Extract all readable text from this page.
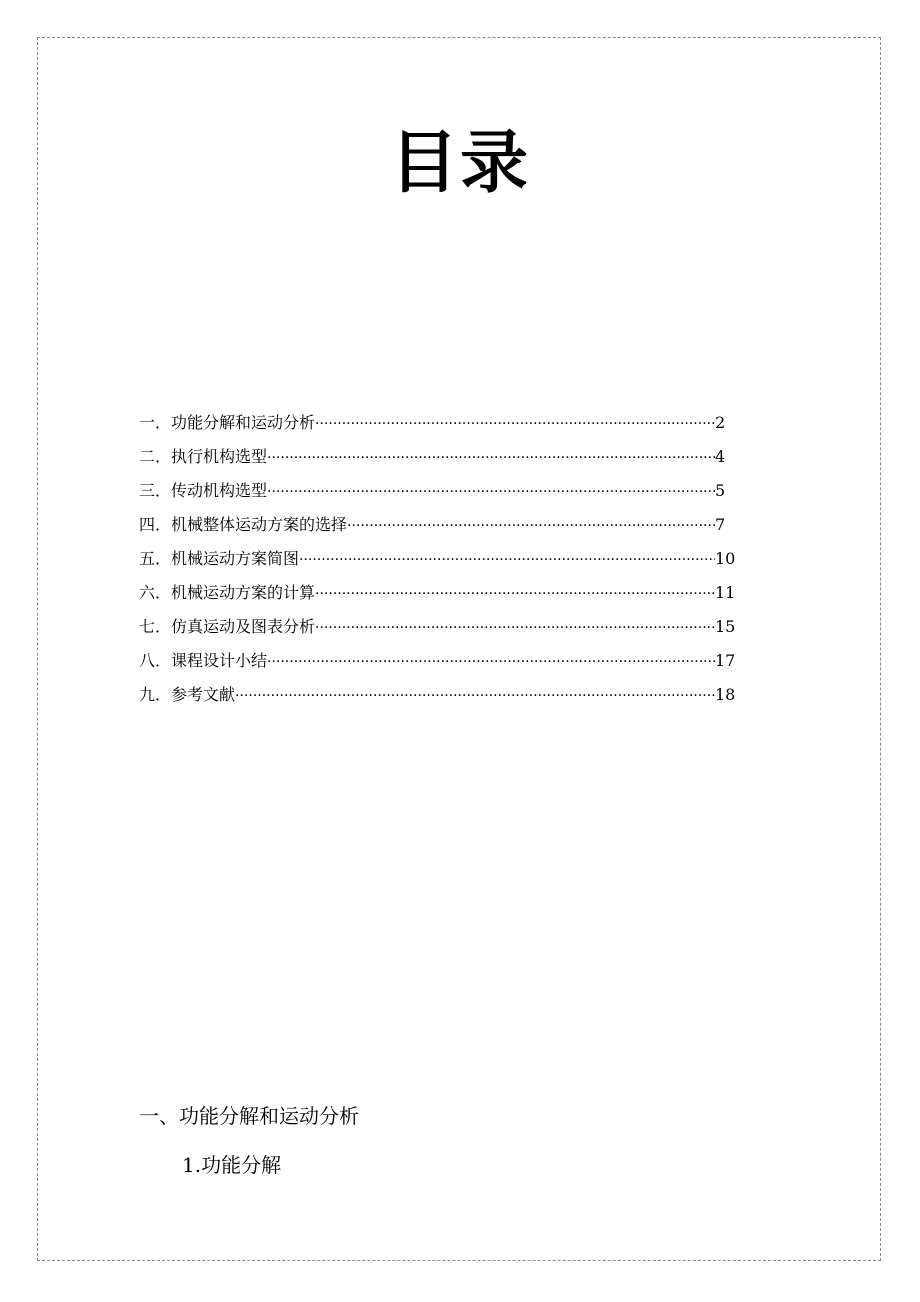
目录
一． 功能分解和运动分析 ·····	2
二． 执行机构选型 ·····	4
三． 传动机构选型 ·····	5
四． 机械整体运动方案的选择 ·····	7
五． 机械运动方案简图 ·····	10
六． 机械运动方案的计算 ·····	11
七． 仿真运动及图表分析 ·····	15
八． 课程设计小结 ·····	17
九． 参考文献 ·····	18
一、功能分解和运动分析
1.功能分解
